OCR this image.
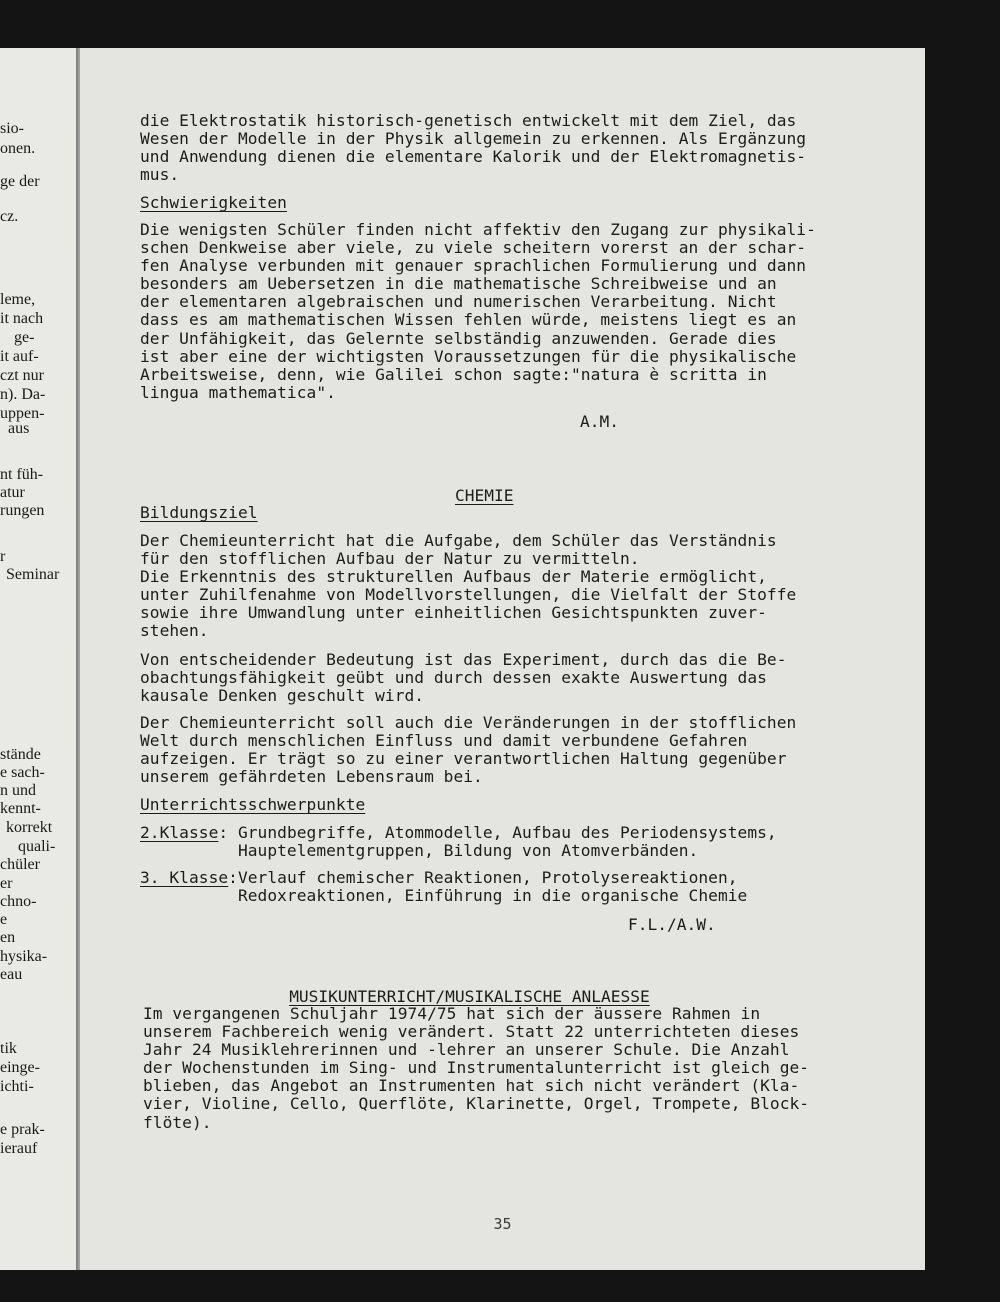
sio-
onen.
ge der
cz.
leme,
it nach
ge-
it auf-
czt nur
n). Da-
uppen-
aus
nt füh-
atur
rungen
r
Seminar
stände
e sach-
n und
kennt-
korrekt
quali-
chüler
er
chno-
e
en
hysika-
eau
tik
einge-
ichti-
e prak-
ierauf
die Elektrostatik historisch-genetisch entwickelt mit dem Ziel, das
Wesen der Modelle in der Physik allgemein zu erkennen. Als Ergänzung
und Anwendung dienen die elementare Kalorik und der Elektromagnetis-
mus.
Schwierigkeiten
Die wenigsten Schüler finden nicht affektiv den Zugang zur physikali-
schen Denkweise aber viele, zu viele scheitern vorerst an der schar-
fen Analyse verbunden mit genauer sprachlichen Formulierung und dann
besonders am Uebersetzen in die mathematische Schreibweise und an
der elementaren algebraischen und numerischen Verarbeitung. Nicht
dass es am mathematischen Wissen fehlen würde, meistens liegt es an
der Unfähigkeit, das Gelernte selbständig anzuwenden. Gerade dies
ist aber eine der wichtigsten Voraussetzungen für die physikalische
Arbeitsweise, denn, wie Galilei schon sagte:"natura è scritta in
lingua mathematica".
A.M.

CHEMIE

Bildungsziel
Der Chemieunterricht hat die Aufgabe, dem Schüler das Verständnis
für den stofflichen Aufbau der Natur zu vermitteln.
Die Erkenntnis des strukturellen Aufbaus der Materie ermöglicht,
unter Zuhilfenahme von Modellvorstellungen, die Vielfalt der Stoffe
sowie ihre Umwandlung unter einheitlichen Gesichtspunkten zuver-
stehen.
Von entscheidender Bedeutung ist das Experiment, durch das die Be-
obachtungsfähigkeit geübt und durch dessen exakte Auswertung das
kausale Denken geschult wird.
Der Chemieunterricht soll auch die Veränderungen in der stofflichen
Welt durch menschlichen Einfluss und damit verbundene Gefahren
aufzeigen. Er trägt so zu einer verantwortlichen Haltung gegenüber
unserem gefährdeten Lebensraum bei.
Unterrichtsschwerpunkte
2.Klasse: Grundbegriffe, Atommodelle, Aufbau des Periodensystems,
Hauptelementgruppen, Bildung von Atomverbänden.
3. Klasse:Verlauf chemischer Reaktionen, Protolysereaktionen,
Redoxreaktionen, Einführung in die organische Chemie
F.L./A.W.

MUSIKUNTERRICHT/MUSIKALISCHE ANLAESSE

Im vergangenen Schuljahr 1974/75 hat sich der äussere Rahmen in
unserem Fachbereich wenig verändert. Statt 22 unterrichteten dieses
Jahr 24 Musiklehrerinnen und -lehrer an unserer Schule. Die Anzahl
der Wochenstunden im Sing- und Instrumentalunterricht ist gleich ge-
blieben, das Angebot an Instrumenten hat sich nicht verändert (Kla-
vier, Violine, Cello, Querflöte, Klarinette, Orgel, Trompete, Block-
flöte).
35
